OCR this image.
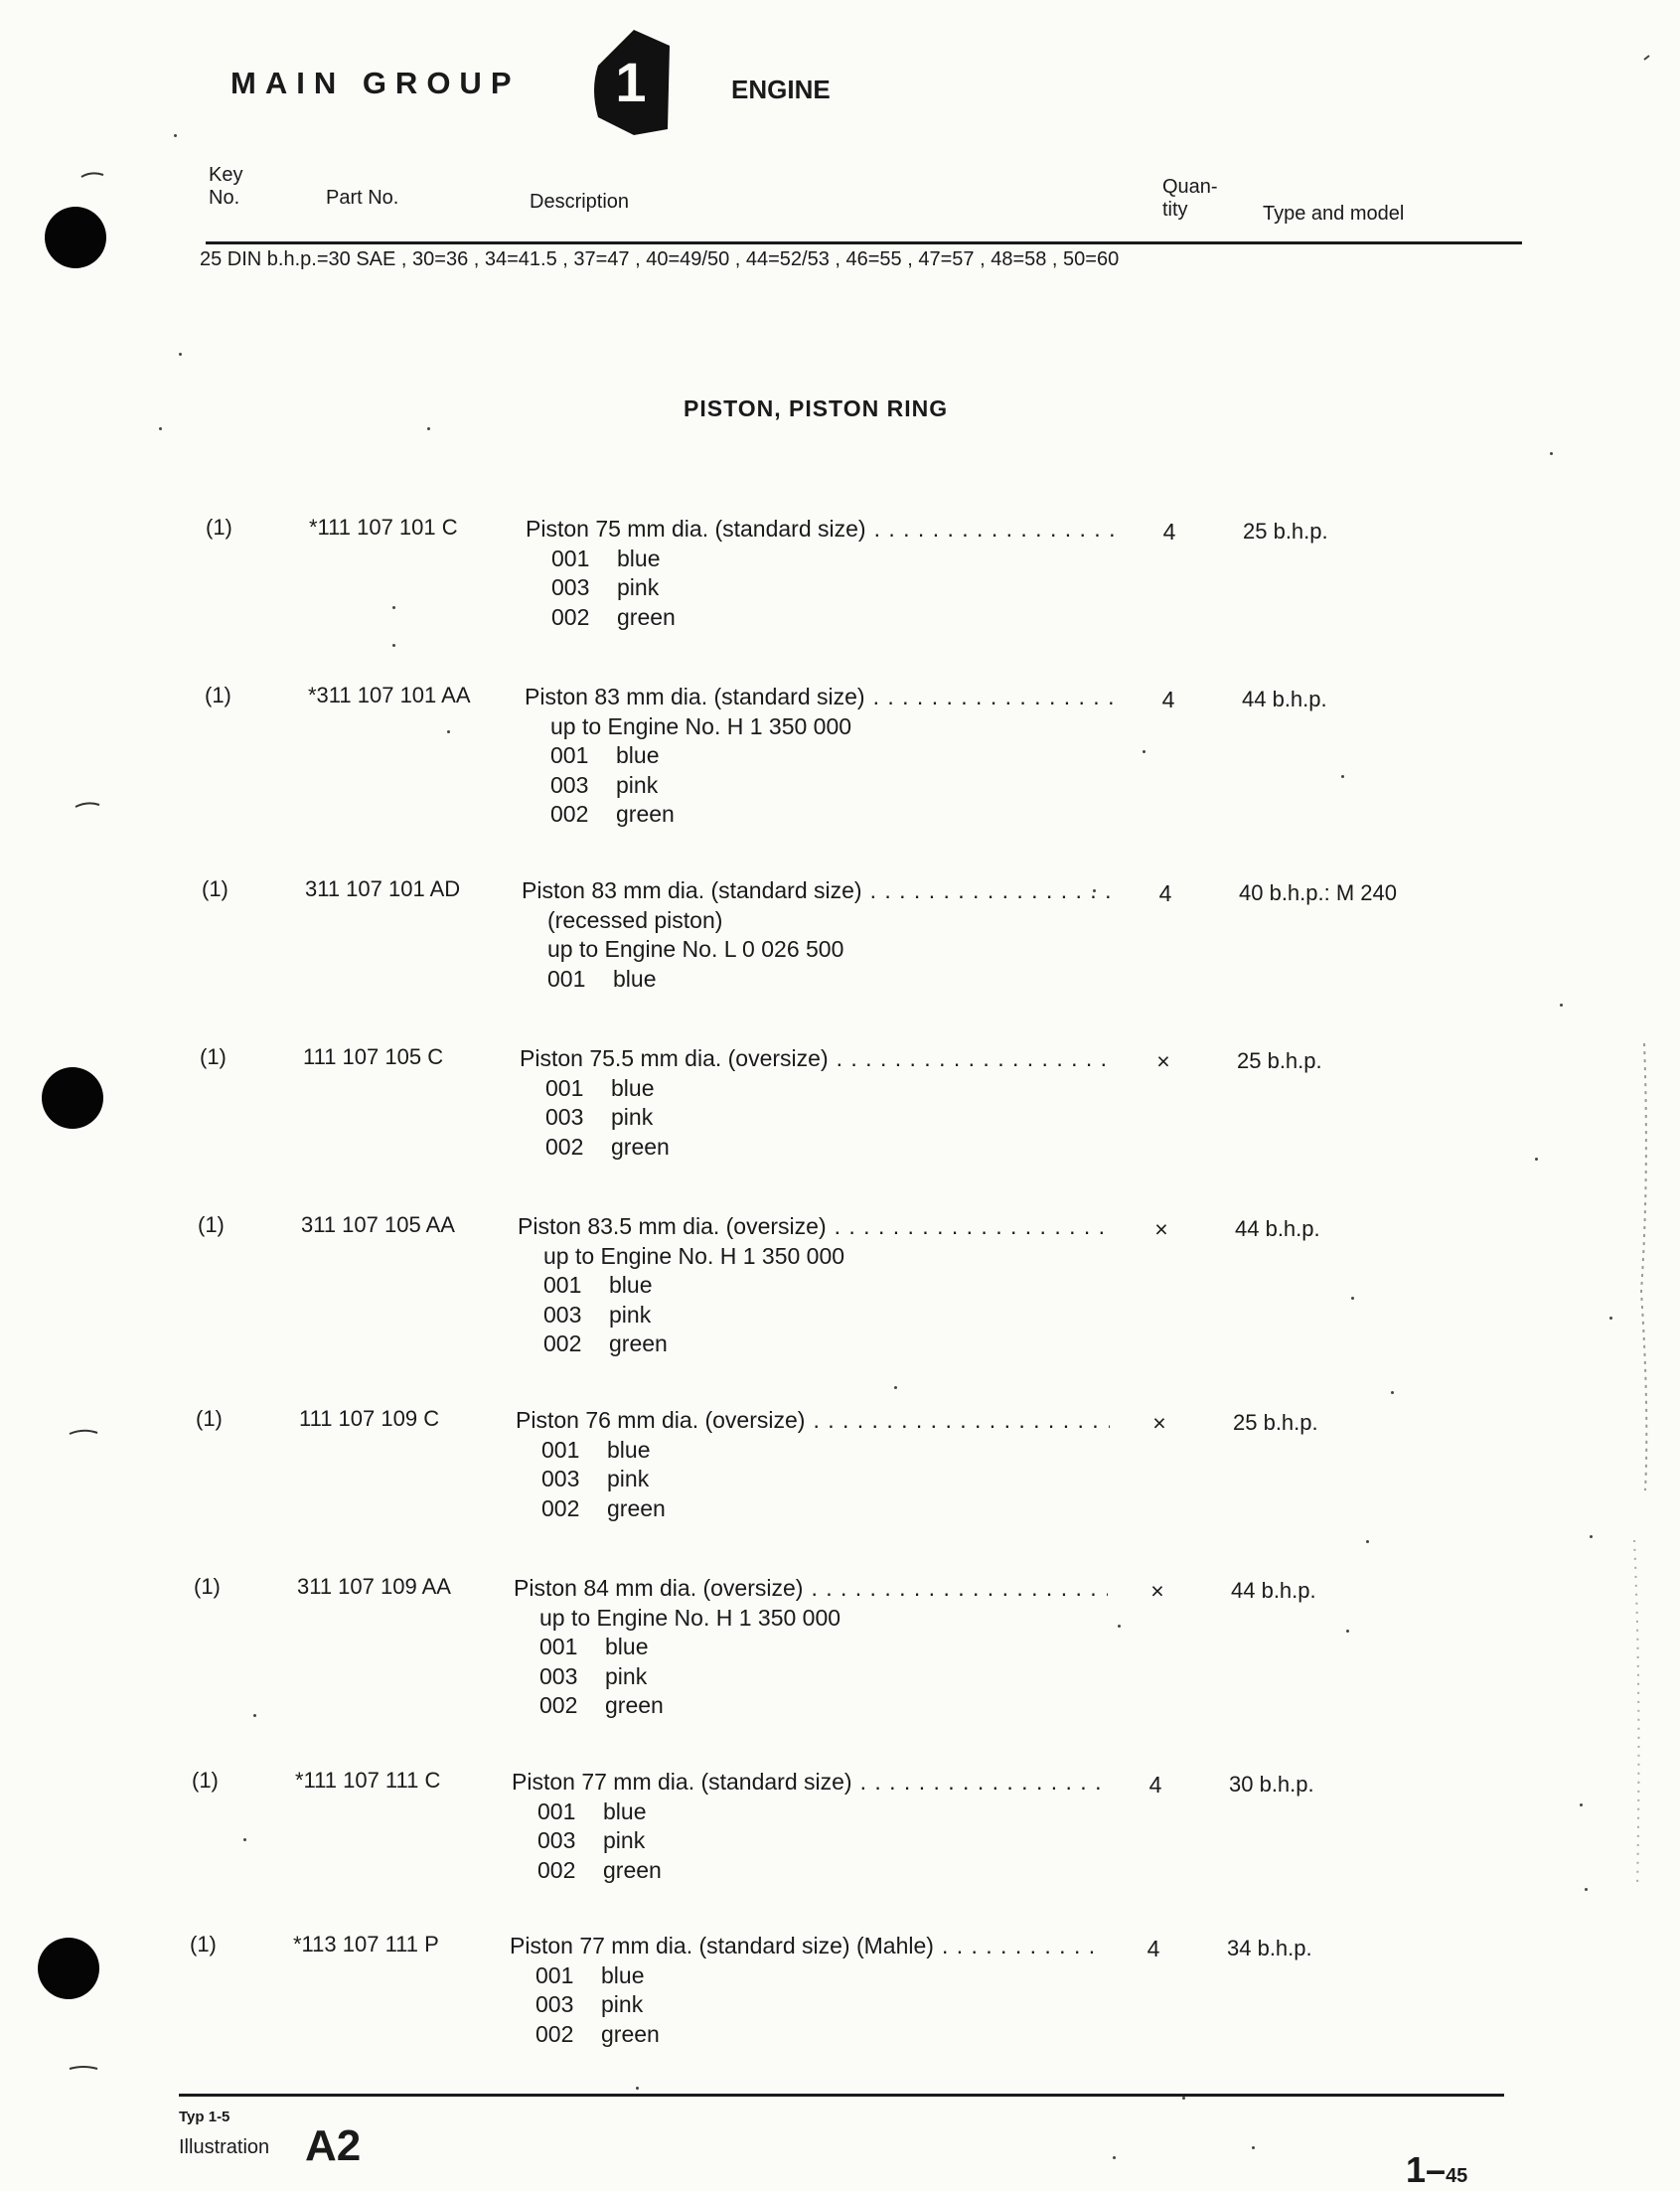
MAIN GROUP	1	ENGINE
Key
No.	Part No.	Description
Quan-
tity	Type and model
25 DIN b.h.p.=30 SAE , 30=36 , 34=41.5 , 37=47 , 40=49/50 , 44=52/53 , 46=55 , 47=57 , 48=58 , 50=60
PISTON, PISTON RING
(1)	*111 107 101 C	Piston 75 mm dia. (standard size)
. . .
001 blue
003 pink
002 green
4	25 b.h.p.
(1)	*311 107 101 AA Piston 83 mm dia. (standard size)
. . .
up to Engine No. H 1 350 000
001 blue
003 pink
002 green
4	44 b.h.p.
(1)	311 107 101 AD	Piston 83 mm dia. (standard size)
. . .
(recessed piston)
up to Engine No. L 0 026 500
001 blue
4	40 b.h.p.: M 240
(1)	111 107 105 C	Piston 75.5 mm dia. (oversize)
. . .
001 blue
003 pink
002 green
×	25 b.h.p.
(1)	311 107 105 AA	Piston 83.5 mm dia. (oversize)
. . .
up to Engine No. H 1 350 000
001 blue
003 pink
002 green
×	44 b.h.p.
(1)	111 107 109 C	Piston 76 mm dia. (oversize)
. . .
001 blue
003 pink
002 green
×	25 b.h.p.
(1)	311 107 109 AA	Piston 84 mm dia. (oversize)
. . .
up to Engine No. H 1 350 000
001 blue
003 pink
002 green
×	44 b.h.p.
(1)	*111 107 111 C	Piston 77 mm dia. (standard size)
. . .
001 blue
003 pink
002 green
4	30 b.h.p.
(1)	*113 107 111 P	Piston 77 mm dia. (standard size) (Mahle)
. . .
001 blue
003 pink
002 green
4	34 b.h.p.
Typ 1-5
Illustration A2	1–45
